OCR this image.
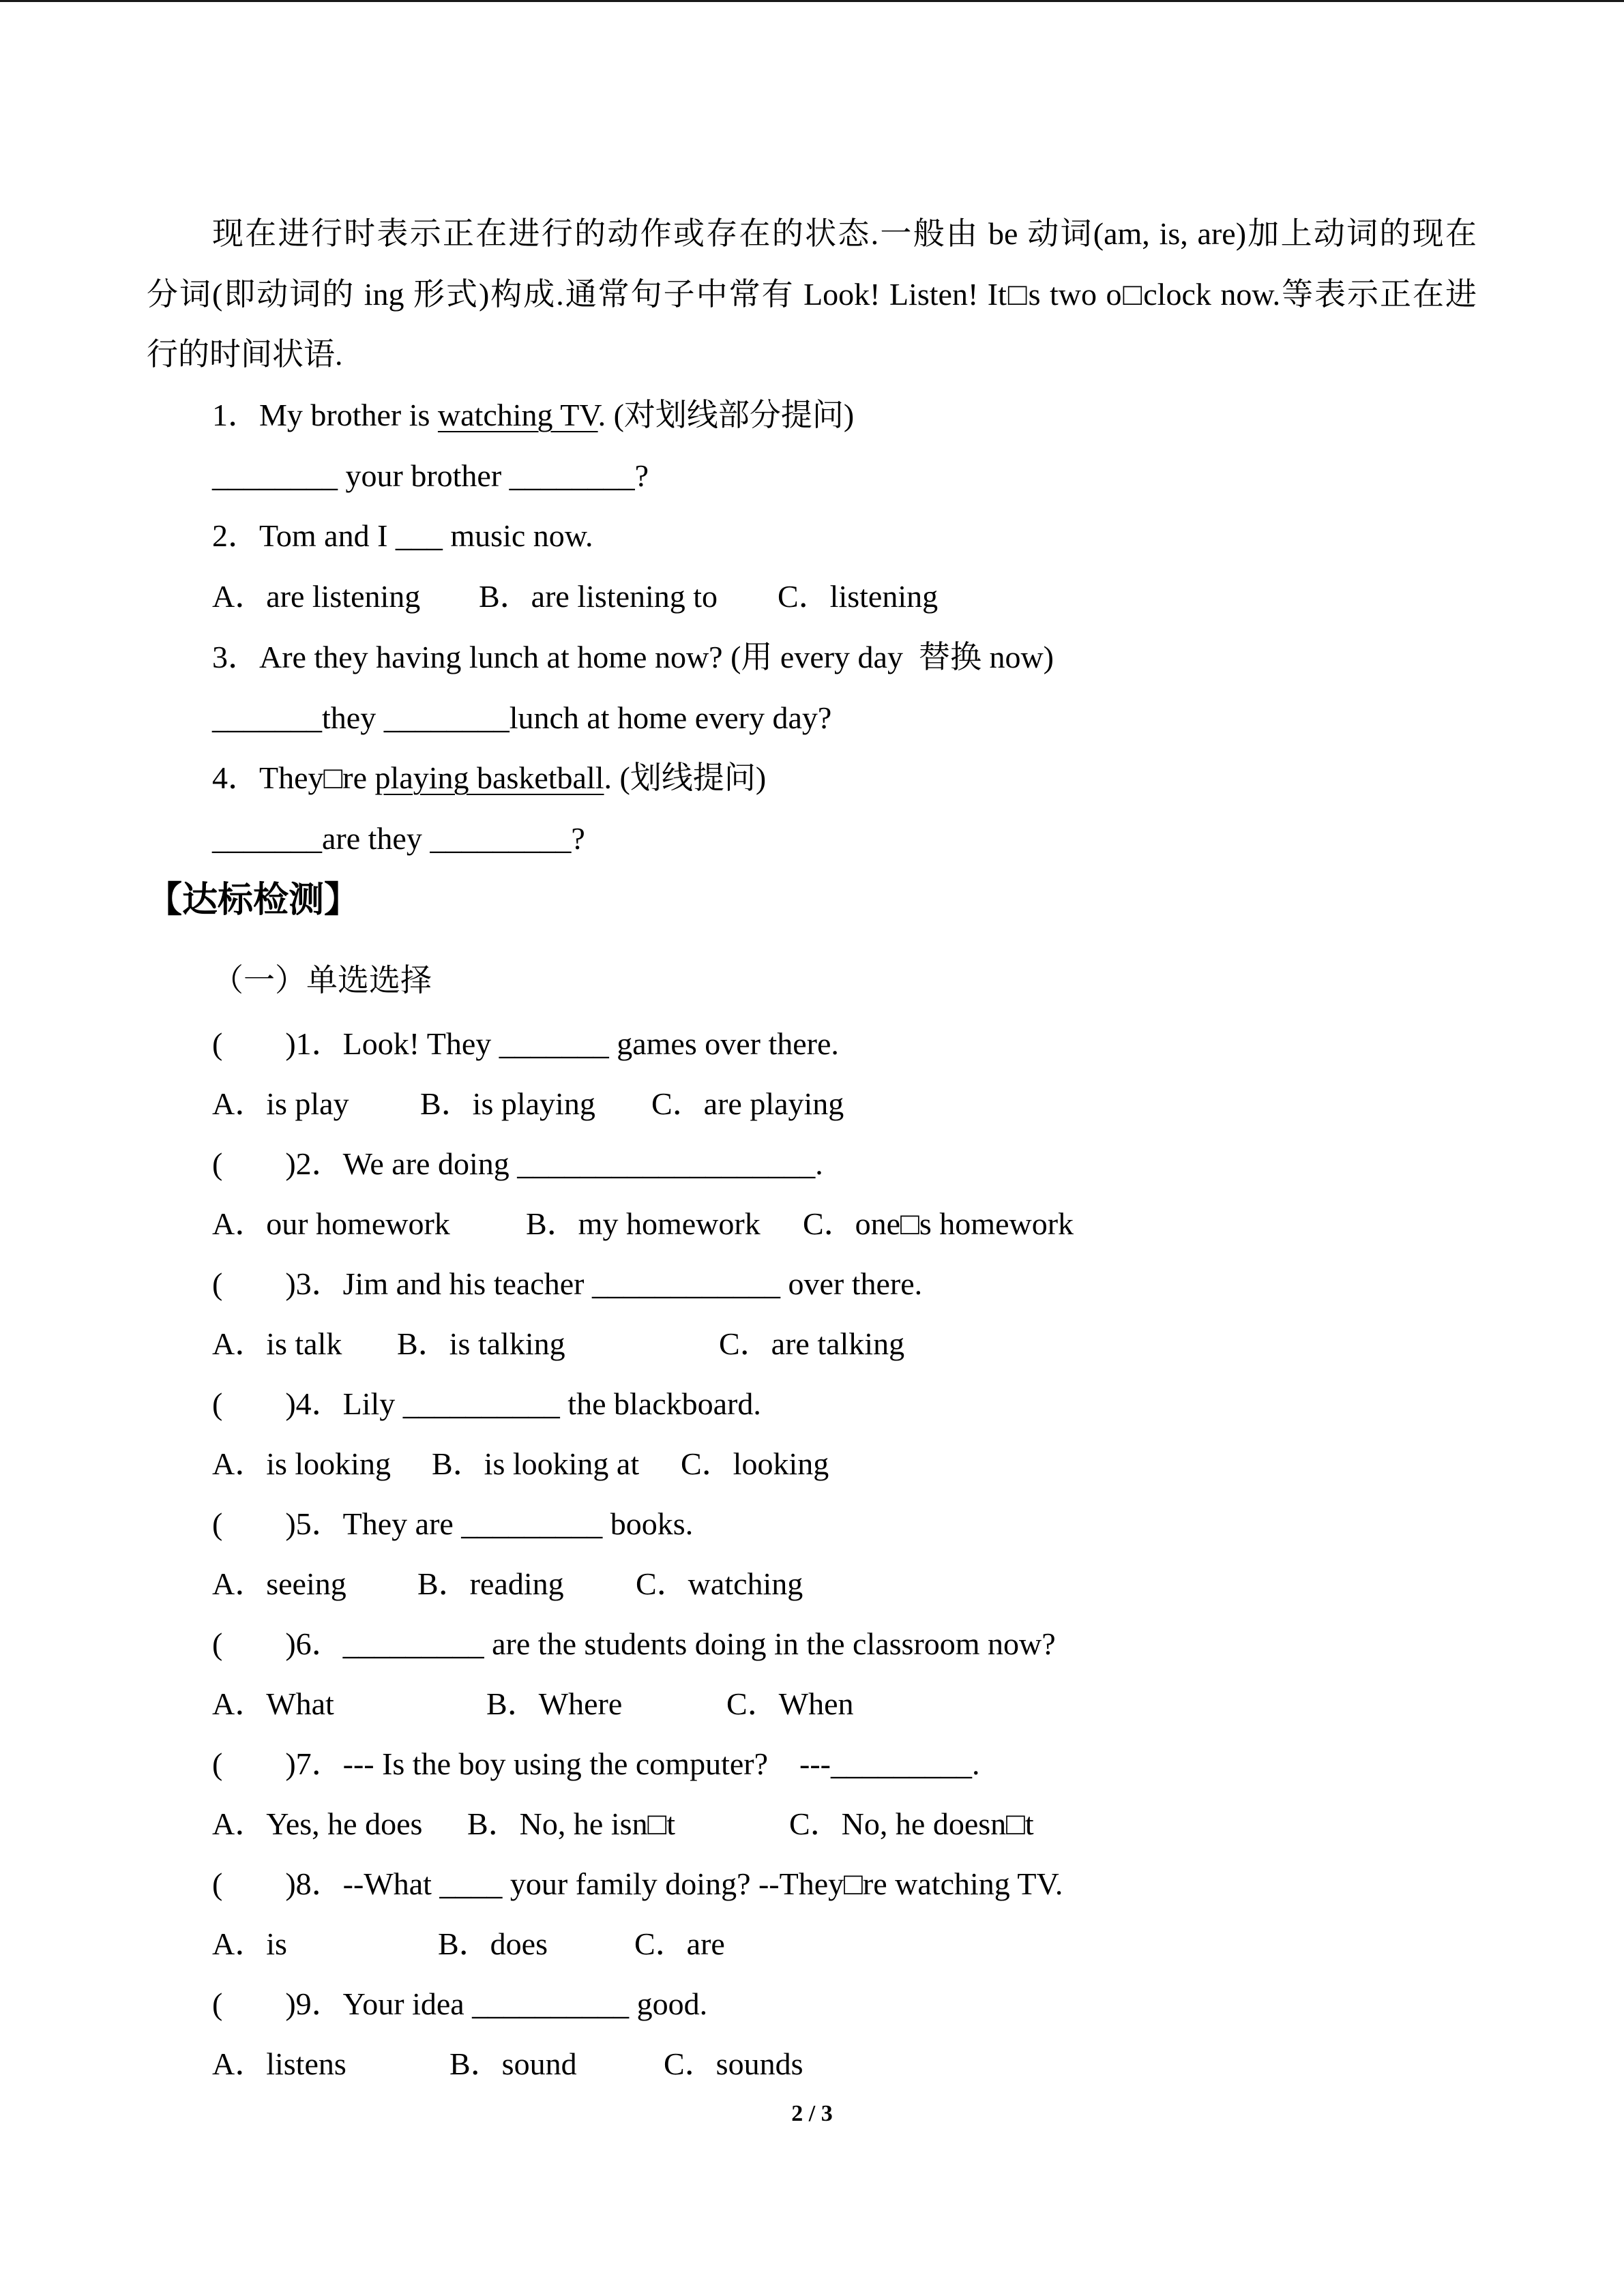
现在进行时表示正在进行的动作或存在的状态.一般由 be 动词(am, is, are)加上动词的现在
分词(即动词的 ing 形式)构成.通常句子中常有 Look! Listen! It□s two o□clock now.等表示正在进
行的时间状语.
1．My brother is watching TV. (对划线部分提问)
________ your brother ________?
2．Tom and I ___ music now.
A．are listening B．are listening to C．listening
3．Are they having lunch at home now? (用 every day  替换 now)
_______they ________lunch at home every day?
4．They□re playing basketball. (划线提问)
_______are they _________?
【达标检测】
（一）单选选择
(        )1．Look! They _______ games over there.
A．is play B．is playing C．are playing
(        )2．We are doing ___________________.
A．our homework B．my homework C．one□s homework
(        )3．Jim and his teacher ____________ over there.
A．is talk B．is talking	C．are talking
(        )4．Lily __________ the blackboard.
A．is looking B．is looking at C．looking
(        )5．They are _________ books.
A．seeing B．reading C．watching
(        )6．_________ are the students doing in the classroom now?
A．What	B．Where	C．When
(        )7．--- Is the boy using the computer?    ---_________.
A．Yes, he does B．No, he isn□t	C．No, he doesn□t
(        )8．--What ____ your family doing? --They□re watching TV.
A．is	B．does	C．are
(        )9．Your idea __________ good.
A．listens	B．sound	C．sounds
2 / 3
